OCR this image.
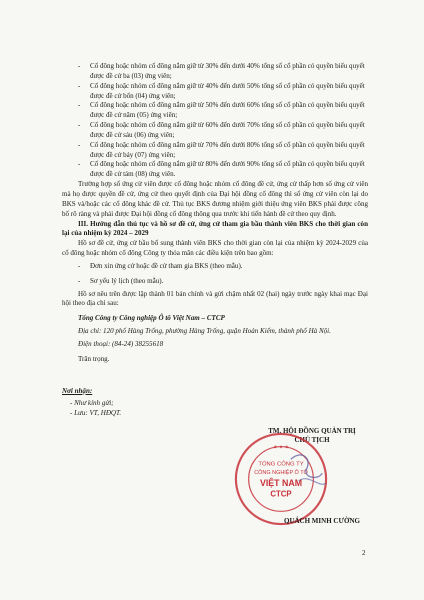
-	Cổ đông hoặc nhóm cổ đông nắm giữ từ 30% đến dưới 40% tổng số cổ phần có quyền biểu quyết được đề cử ba (03) ứng viên;
-	Cổ đông hoặc nhóm cổ đông nắm giữ từ 40% đến dưới 50% tổng số cổ phần có quyền biểu quyết được đề cử bốn (04) ứng viên;
-	Cổ đông hoặc nhóm cổ đông nắm giữ từ 50% đến dưới 60% tổng số cổ phần có quyền biểu quyết được đề cử năm (05) ứng viên;
-	Cổ đông hoặc nhóm cổ đông nắm giữ từ 60% đến dưới 70% tổng số cổ phần có quyền biểu quyết được đề cử sáu (06) ứng viên;
-	Cổ đông hoặc nhóm cổ đông nắm giữ từ 70% đến dưới 80% tổng số cổ phần có quyền biểu quyết được đề cử bảy (07) ứng viên;
-	Cổ đông hoặc nhóm cổ đông nắm giữ từ 80% đến dưới 90% tổng số cổ phần có quyền biểu quyết được đề cử tám (08) ứng viên.

Trường hợp số ứng cử viên được cổ đông hoặc nhóm cổ đông đề cử, ứng cử thấp hơn số ứng cử viên mà họ được quyền đề cử, ứng cử theo quyết định của Đại hội đồng cổ đông thì số ứng cử viên còn lại do BKS và/hoặc các cổ đông khác đề cử. Thủ tục BKS đương nhiệm giới thiệu ứng viên BKS phải được công bố rõ ràng và phải được Đại hội đồng cổ đông thông qua trước khi tiến hành đề cử theo quy định.

III. Hướng dẫn thủ tục và hồ sơ đề cử, ứng cử tham gia bầu thành viên BKS cho thời gian còn lại của nhiệm kỳ 2024 – 2029

Hồ sơ đề cử, ứng cử bầu bổ sung thành viên BKS cho thời gian còn lại của nhiệm kỳ 2024-2029 của cổ đông hoặc nhóm cổ đông Công ty thỏa mãn các điều kiện trên bao gồm:

-	Đơn xin ứng cử hoặc đề cử tham gia BKS (theo mẫu).
-	Sơ yếu lý lịch (theo mẫu).

Hồ sơ nêu trên được lập thành 01 bản chính và gửi chậm nhất 02 (hai) ngày trước ngày khai mạc Đại hội theo địa chỉ sau:

Tổng Công ty Công nghiệp Ô tô Việt Nam – CTCP

Địa chỉ: 120 phố Hàng Trống, phường Hàng Trống, quận Hoàn Kiếm, thành phố Hà Nội.

Điện thoại: (84-24) 38255618

Trân trọng.

Nơi nhận:
- Như kính gửi;
- Lưu: VT, HĐQT.
TM. HỘI ĐỒNG QUẢN TRỊ
CHỦ TỊCH
★ ★ ★
TỔNG CÔNG TY
CÔNG NGHIỆP Ô TÔ
VIỆT NAM
CTCP
QUÁCH MINH CƯỜNG
2
